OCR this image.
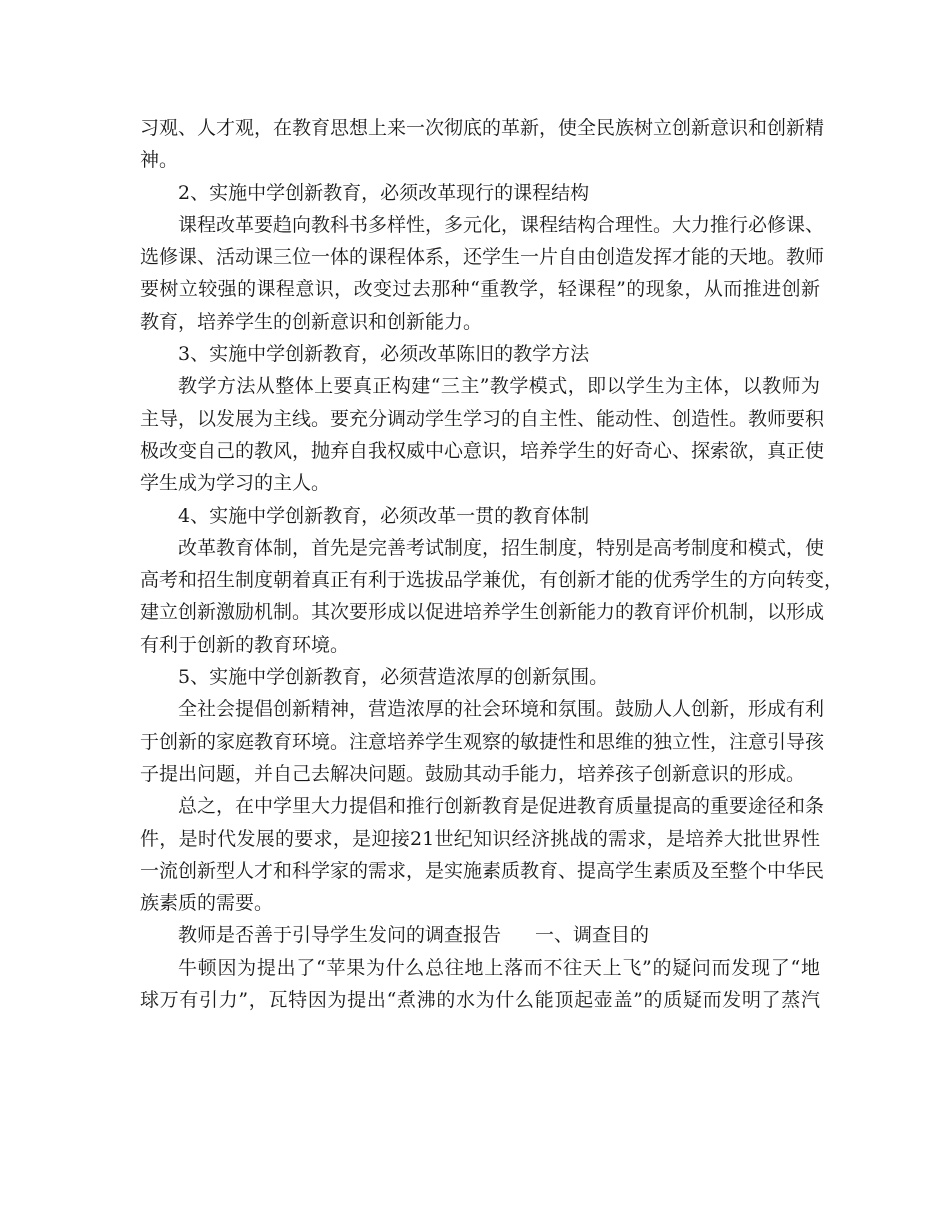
习观、人才观，在教育思想上来一次彻底的革新，使全民族树立创新意识和创新精
神。
2、实施中学创新教育，必须改革现行的课程结构
课程改革要趋向教科书多样性，多元化，课程结构合理性。大力推行必修课、
选修课、活动课三位一体的课程体系，还学生一片自由创造发挥才能的天地。教师
要树立较强的课程意识，改变过去那种“重教学，轻课程”的现象，从而推进创新
教育，培养学生的创新意识和创新能力。
3、实施中学创新教育，必须改革陈旧的教学方法
教学方法从整体上要真正构建“三主”教学模式，即以学生为主体，以教师为
主导，以发展为主线。要充分调动学生学习的自主性、能动性、创造性。教师要积
极改变自己的教风，抛弃自我权威中心意识，培养学生的好奇心、探索欲，真正使
学生成为学习的主人。
4、实施中学创新教育，必须改革一贯的教育体制
改革教育体制，首先是完善考试制度，招生制度，特别是高考制度和模式，使
高考和招生制度朝着真正有利于选拔品学兼优，有创新才能的优秀学生的方向转变，
建立创新激励机制。其次要形成以促进培养学生创新能力的教育评价机制，以形成
有利于创新的教育环境。
5、实施中学创新教育，必须营造浓厚的创新氛围。
全社会提倡创新精神，营造浓厚的社会环境和氛围。鼓励人人创新，形成有利
于创新的家庭教育环境。注意培养学生观察的敏捷性和思维的独立性，注意引导孩
子提出问题，并自己去解决问题。鼓励其动手能力，培养孩子创新意识的形成。
总之，在中学里大力提倡和推行创新教育是促进教育质量提高的重要途径和条
件，是时代发展的要求，是迎接21世纪知识经济挑战的需求，是培养大批世界性
一流创新型人才和科学家的需求，是实施素质教育、提高学生素质及至整个中华民
族素质的需要。
教师是否善于引导学生发问的调查报告 一、调查目的
牛顿因为提出了“苹果为什么总往地上落而不往天上飞”的疑问而发现了“地
球万有引力”，瓦特因为提出“煮沸的水为什么能顶起壶盖”的质疑而发明了蒸汽
